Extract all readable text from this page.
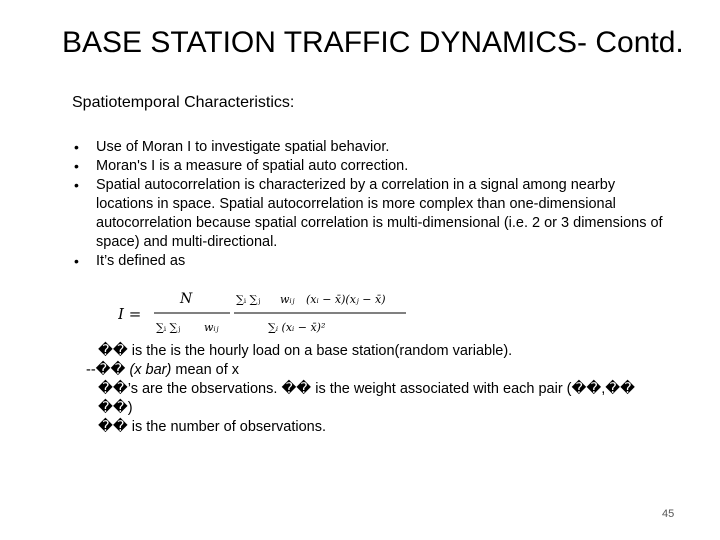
BASE STATION TRAFFIC DYNAMICS- Contd.
Spatiotemporal Characteristics:
• Use of Moran I to investigate spatial behavior.
• Moran's I is a measure of spatial auto correction.
• Spatial autocorrelation is characterized by a correlation in a signal among nearby locations in space. Spatial autocorrelation is more complex than one-dimensional autocorrelation because spatial correlation is multi-dimensional (i.e. 2 or 3 dimensions of space) and multi-directional.
• It’s defined as
I =
N
∑ᵢ ∑ⱼ wᵢⱼ
∑ᵢ ∑ⱼ wᵢⱼ (xᵢ − x̄)(xⱼ − x̄)
∑ᵢ (xᵢ − x̄)²
�� is the is the hourly load on a base station(random variable).
--�� (x bar) mean of x
��’s are the observations. �� is the weight associated with each pair (��,��
��)
�� is the number of observations.
45
